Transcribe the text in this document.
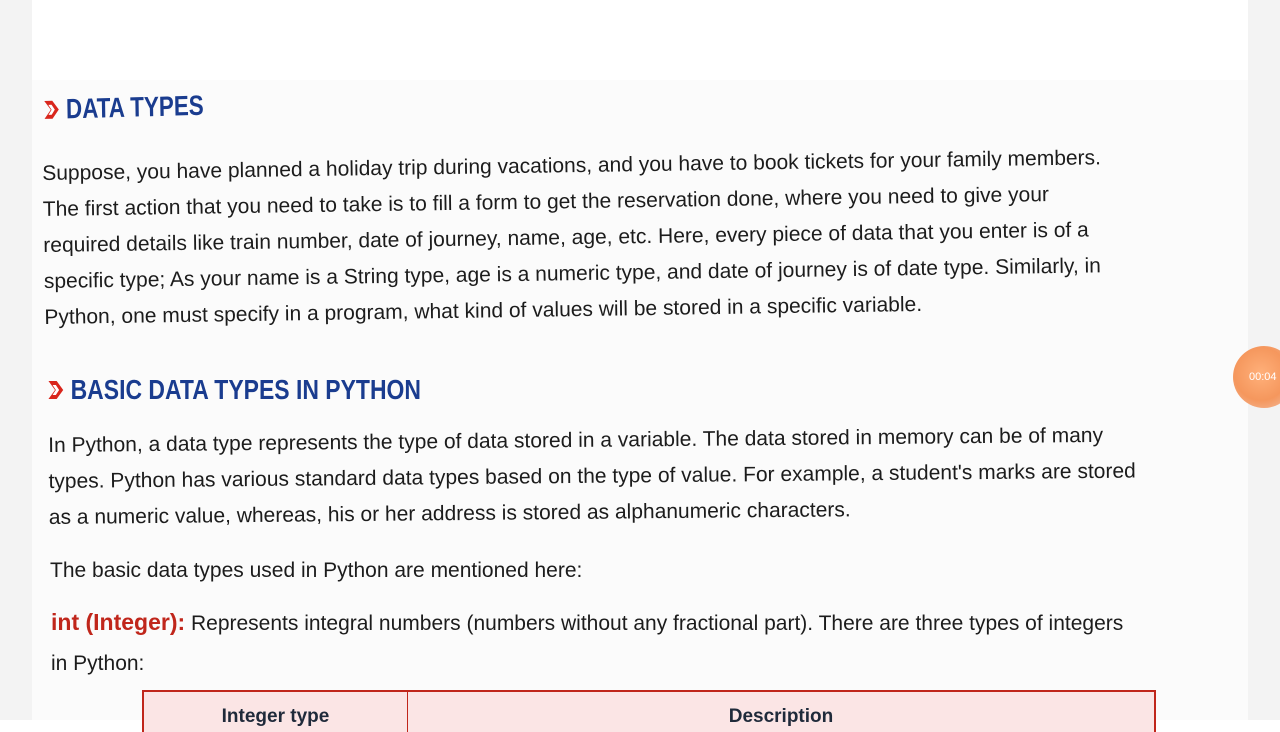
DATA TYPES
Suppose, you have planned a holiday trip during vacations, and you have to book tickets for your family members.
The first action that you need to take is to fill a form to get the reservation done, where you need to give your
required details like train number, date of journey, name, age, etc. Here, every piece of data that you enter is of a
specific type; As your name is a String type, age is a numeric type, and date of journey is of date type. Similarly, in
Python, one must specify in a program, what kind of values will be stored in a specific variable.
BASIC DATA TYPES IN PYTHON
In Python, a data type represents the type of data stored in a variable. The data stored in memory can be of many
types. Python has various standard data types based on the type of value. For example, a student's marks are stored
as a numeric value, whereas, his or her address is stored as alphanumeric characters.
The basic data types used in Python are mentioned here:
int (Integer): Represents integral numbers (numbers without any fractional part). There are three types of integers
in Python:
Integer type	Description
00:04
